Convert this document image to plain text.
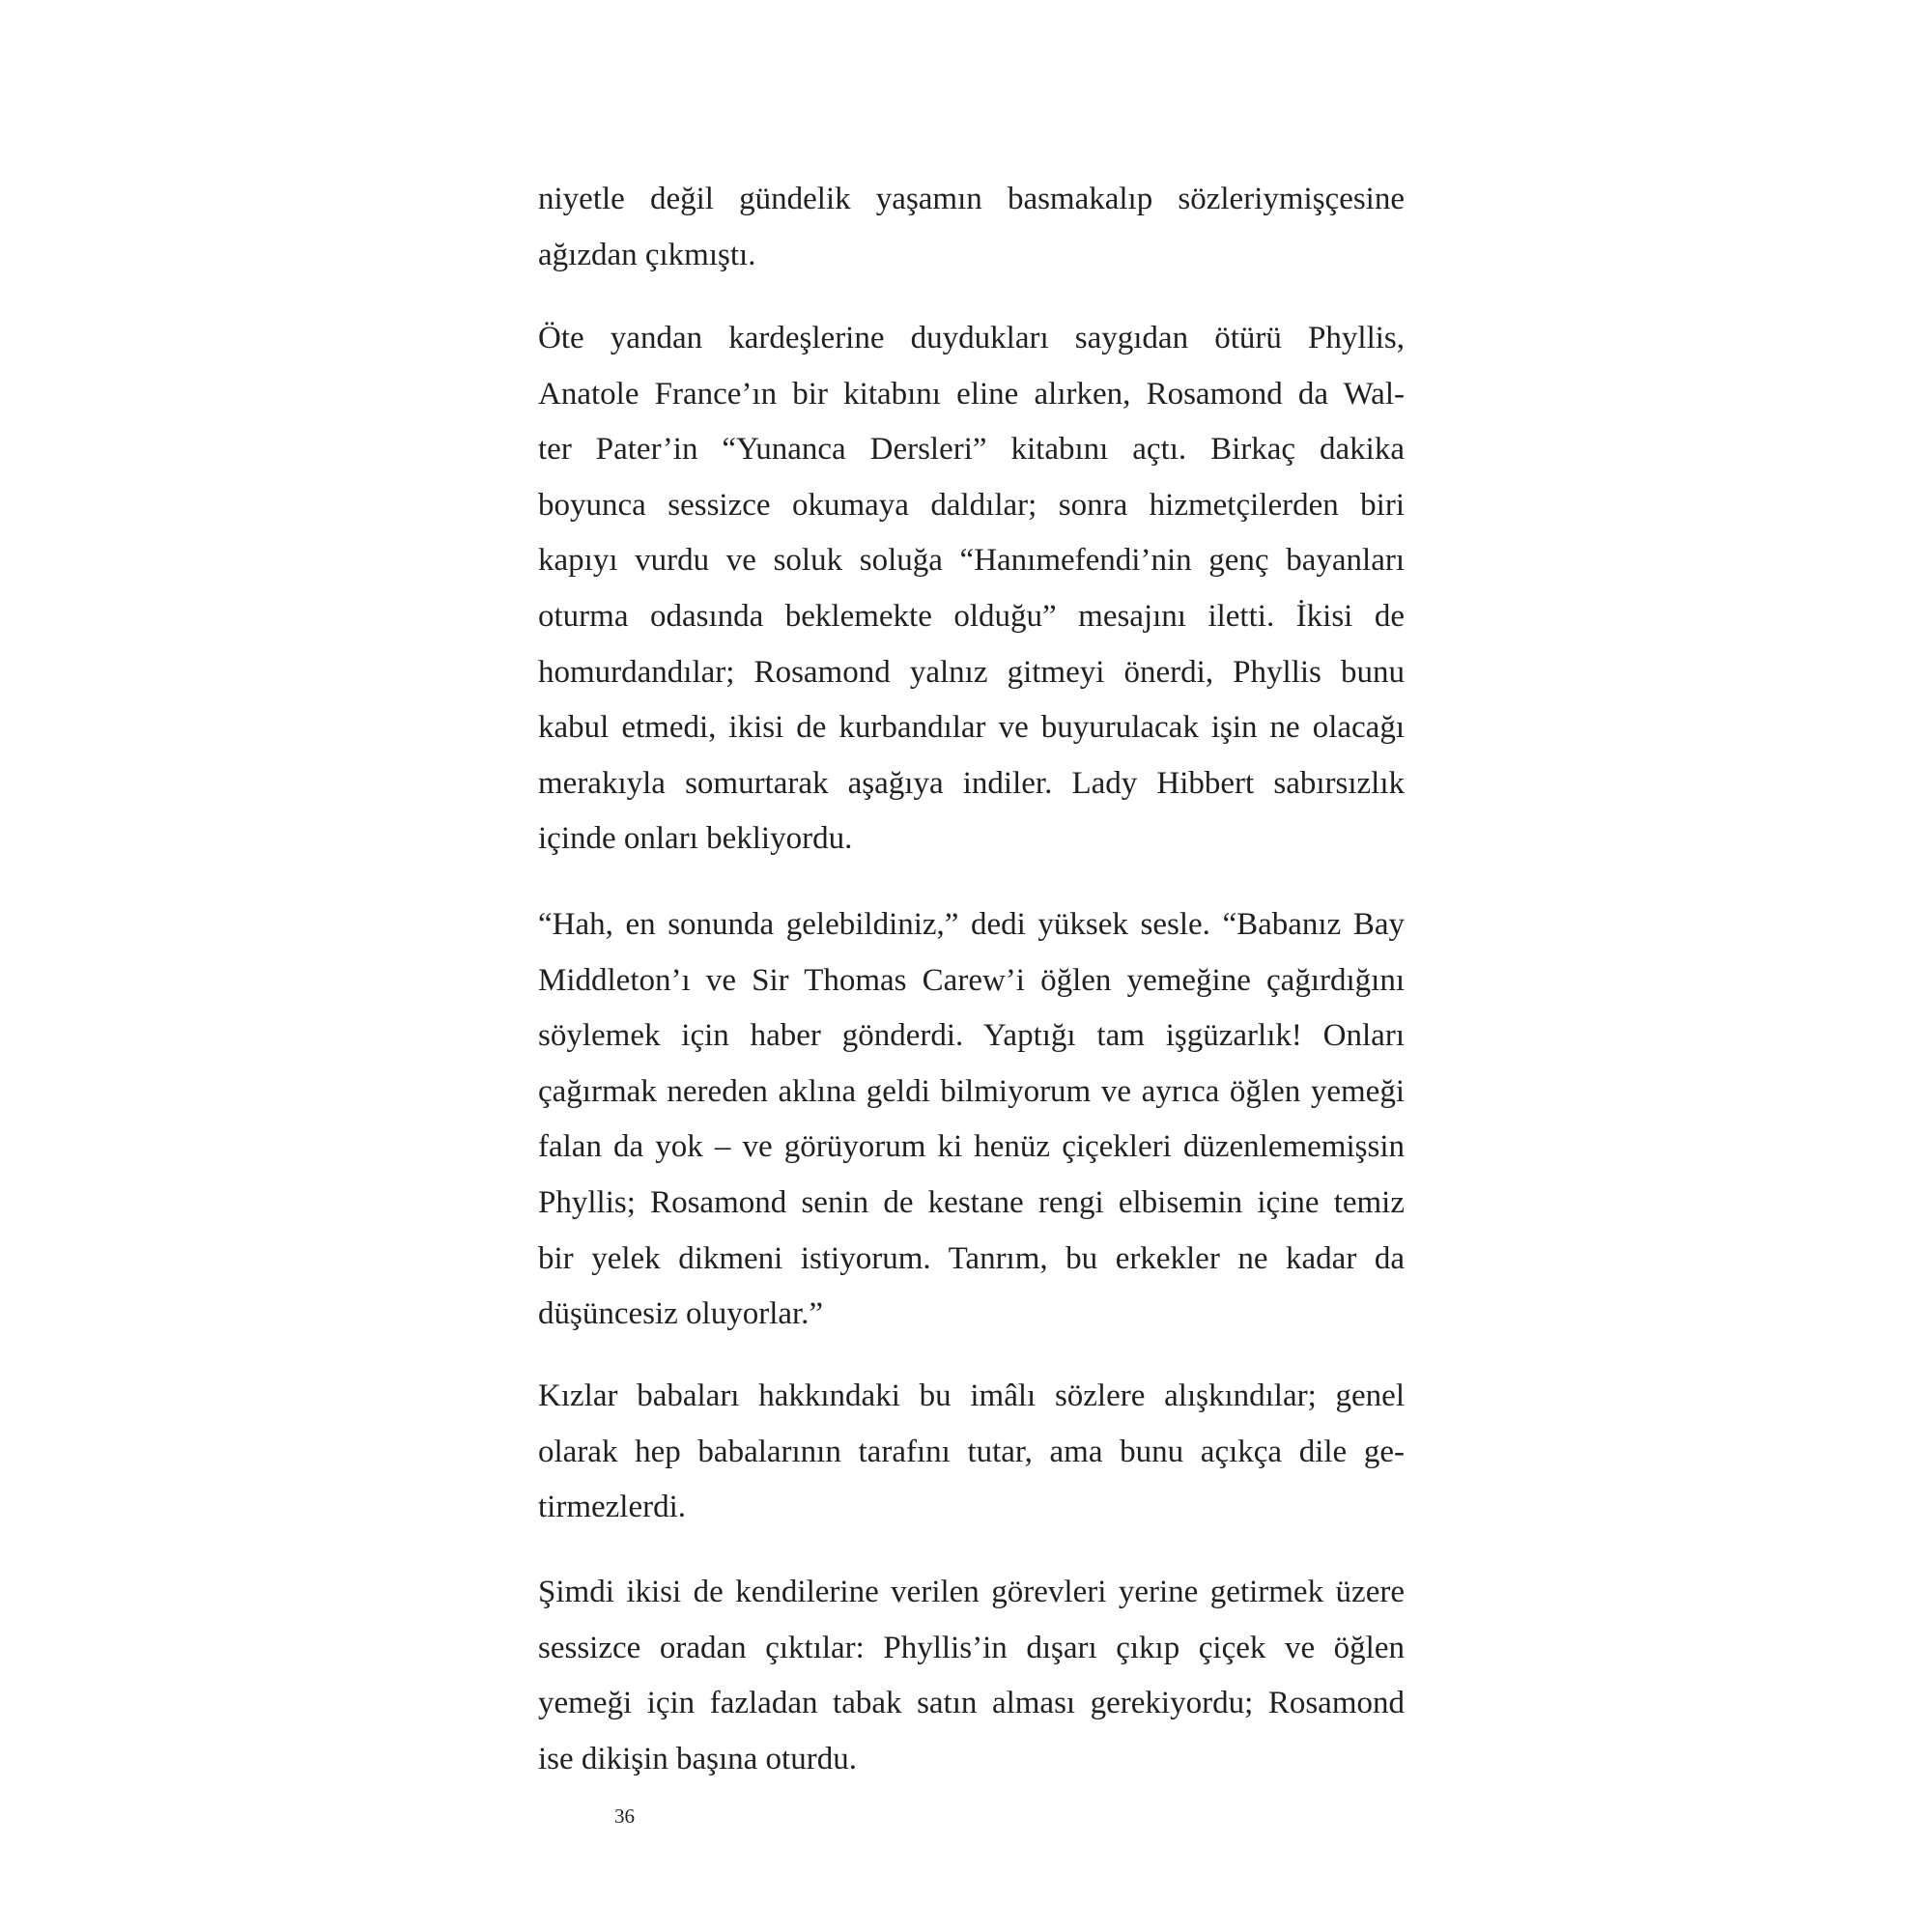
niyetle değil gündelik yaşamın basmakalıp sözleriymişçesine
ağızdan çıkmıştı.
Öte yandan kardeşlerine duydukları saygıdan ötürü Phyllis,
Anatole France’ın bir kitabını eline alırken, Rosamond da Wal-
ter Pater’in “Yunanca Dersleri” kitabını açtı. Birkaç dakika
boyunca sessizce okumaya daldılar; sonra hizmetçilerden biri
kapıyı vurdu ve soluk soluğa “Hanımefendi’nin genç bayanları
oturma odasında beklemekte olduğu” mesajını iletti. İkisi de
homurdandılar; Rosamond yalnız gitmeyi önerdi, Phyllis bunu
kabul etmedi, ikisi de kurbandılar ve buyurulacak işin ne olacağı
merakıyla somurtarak aşağıya indiler. Lady Hibbert sabırsızlık
içinde onları bekliyordu.
“Hah, en sonunda gelebildiniz,” dedi yüksek sesle. “Babanız Bay
Middleton’ı ve Sir Thomas Carew’i öğlen yemeğine çağırdığını
söylemek için haber gönderdi. Yaptığı tam işgüzarlık! Onları
çağırmak nereden aklına geldi bilmiyorum ve ayrıca öğlen yemeği
falan da yok – ve görüyorum ki henüz çiçekleri düzenlememişsin
Phyllis; Rosamond senin de kestane rengi elbisemin içine temiz
bir yelek dikmeni istiyorum. Tanrım, bu erkekler ne kadar da
düşüncesiz oluyorlar.”
Kızlar babaları hakkındaki bu imâlı sözlere alışkındılar; genel
olarak hep babalarının tarafını tutar, ama bunu açıkça dile ge-
tirmezlerdi.
Şimdi ikisi de kendilerine verilen görevleri yerine getirmek üzere
sessizce oradan çıktılar: Phyllis’in dışarı çıkıp çiçek ve öğlen
yemeği için fazladan tabak satın alması gerekiyordu; Rosamond
ise dikişin başına oturdu.
36
